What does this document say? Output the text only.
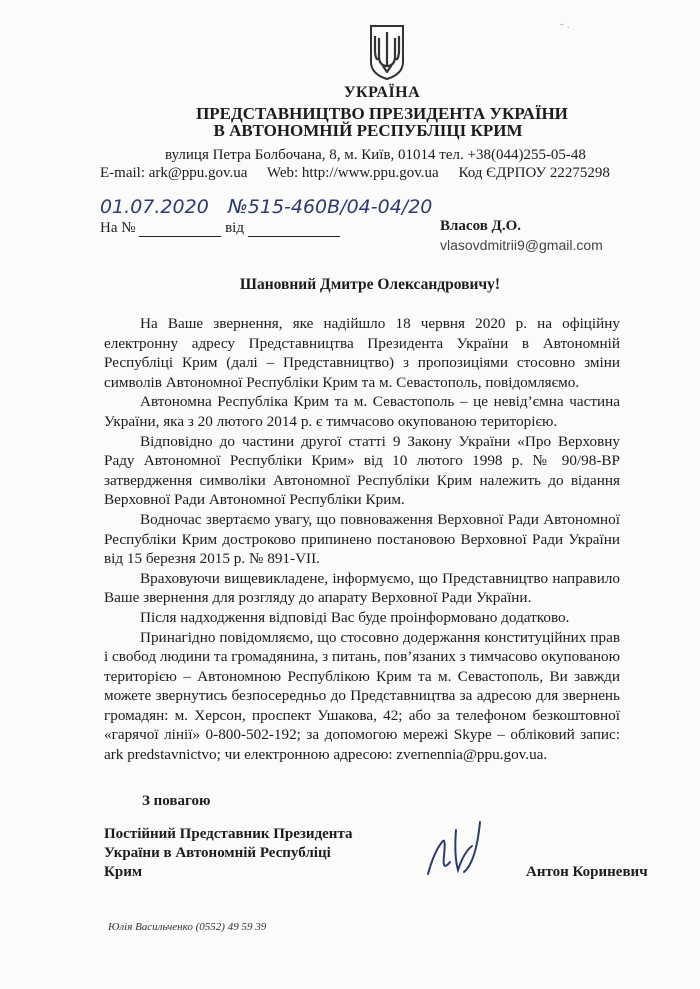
˜ ·
УКРАЇНА
ПРЕДСТАВНИЦТВО ПРЕЗИДЕНТА УКРАЇНИ
В АВТОНОМНІЙ РЕСПУБЛІЦІ КРИМ
вулиця Петра Болбочана, 8, м. Київ, 01014 тел. +38(044)255-05-48
E-mail: ark@ppu.gov.ua Web: http://www.ppu.gov.ua Код ЄДРПОУ 22275298
01.07.2020 №515-460В/04-04/20
На №	від	Власов Д.О.
vlasovdmitrii9@gmail.com
Шановний Дмитре Олександровичу!

На Ваше звернення, яке надійшло 18 червня 2020 р. на офіційну електронну адресу Представництва Президента України в Автономній Республіці Крим (далі – Представництво) з пропозиціями стосовно зміни символів Автономної Республіки Крим та м. Севастополь, повідомляємо.

Автономна Республіка Крим та м. Севастополь – це невід’ємна частина України, яка з 20 лютого 2014 р. є тимчасово окупованою територією.

Відповідно до частини другої статті 9 Закону України «Про Верховну Раду Автономної Республіки Крим» від 10 лютого 1998 р. № 90/98-ВР затвердження символіки Автономної Республіки Крим належить до відання Верховної Ради Автономної Республіки Крим.

Водночас звертаємо увагу, що повноваження Верховної Ради Автономної Республіки Крим достроково припинено постановою Верховної Ради України від 15 березня 2015 р. № 891-VII.

Враховуючи вищевикладене, інформуємо, що Представництво направило Ваше звернення для розгляду до апарату Верховної Ради України.

Після надходження відповіді Вас буде проінформовано додатково.

Принагідно повідомляємо, що стосовно додержання конституційних прав і свобод людини та громадянина, з питань, пов’язаних з тимчасово окупованою територією – Автономною Республікою Крим та м. Севастополь, Ви завжди можете звернутись безпосередньо до Представництва за адресою для звернень громадян: м. Херсон, проспект Ушакова, 42; або за телефоном безкоштовної «гарячої лінії» 0-800-502-192; за допомогою мережі Skype – обліковий запис: ark predstavnictvo; чи електронною адресою: zvernennia@ppu.gov.ua.

З повагою
Постійний Представник Президента
України в Автономній Республіці
Крим	Антон Кориневич
Юлія Васильченко (0552) 49 59 39
